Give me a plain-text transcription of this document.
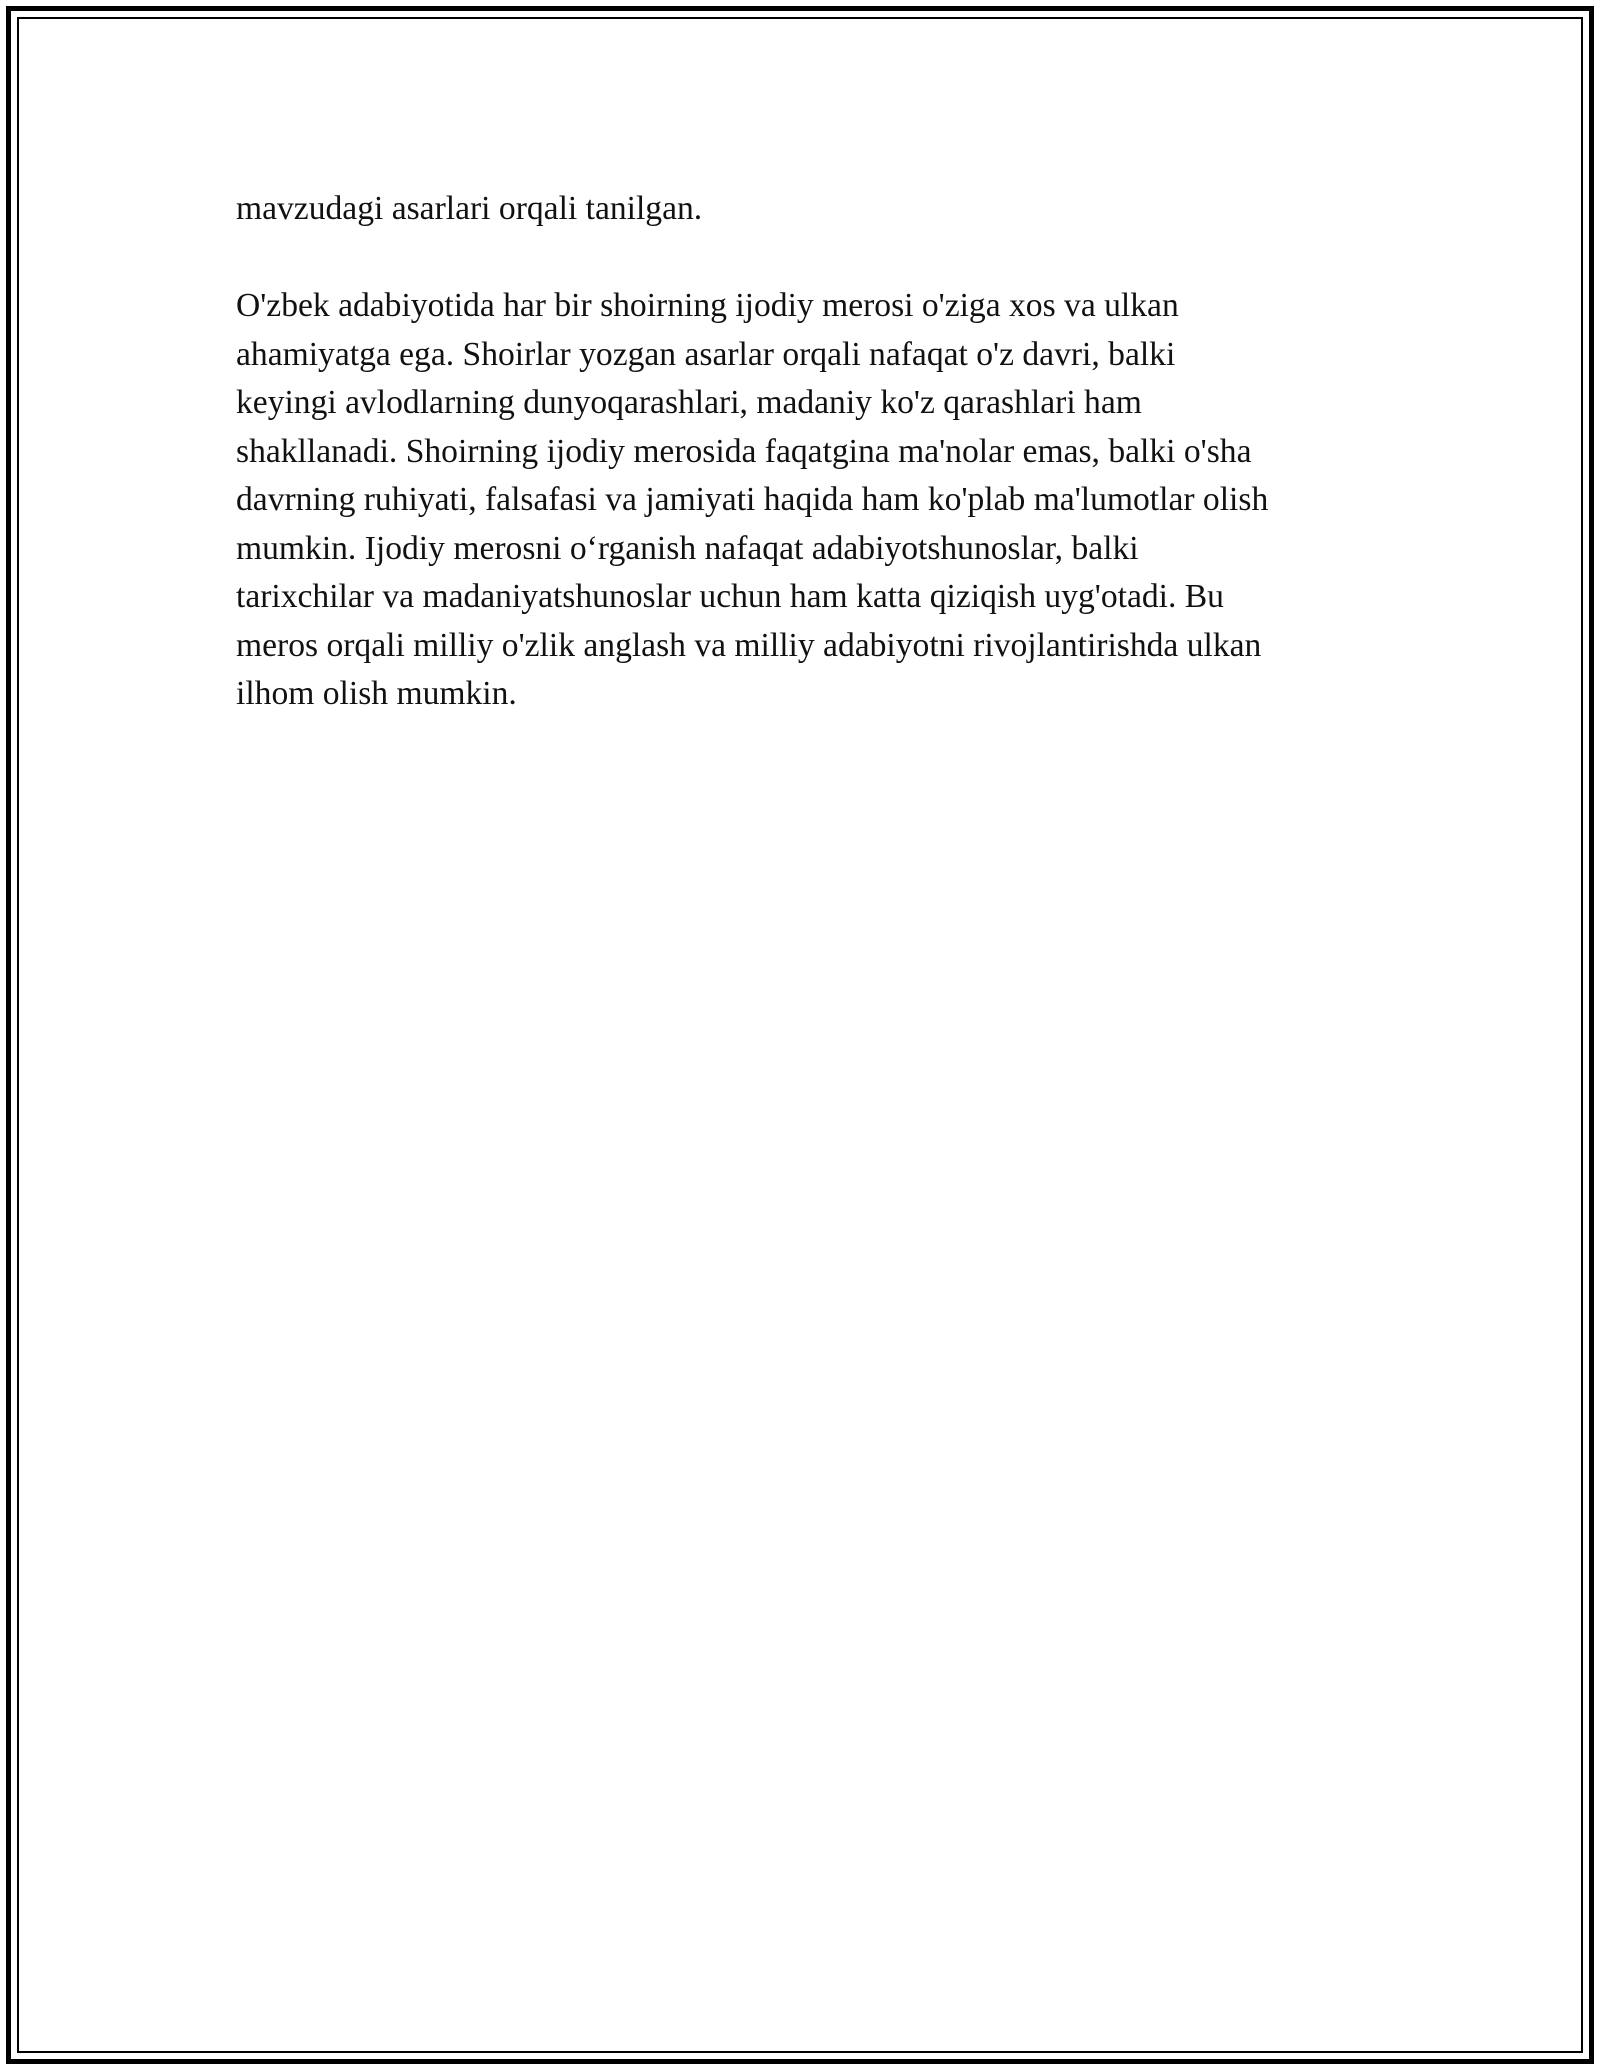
mavzudagi asarlari orqali tanilgan.

O'zbek adabiyotida har bir shoirning ijodiy merosi o'ziga xos va ulkan

ahamiyatga ega. Shoirlar yozgan asarlar orqali nafaqat o'z davri, balki

keyingi avlodlarning dunyoqarashlari, madaniy ko'z qarashlari ham

shakllanadi. Shoirning ijodiy merosida faqatgina ma'nolar emas, balki o'sha

davrning ruhiyati, falsafasi va jamiyati haqida ham ko'plab ma'lumotlar olish

mumkin. Ijodiy merosni o‘rganish nafaqat adabiyotshunoslar, balki

tarixchilar va madaniyatshunoslar uchun ham katta qiziqish uyg'otadi. Bu

meros orqali milliy o'zlik anglash va milliy adabiyotni rivojlantirishda ulkan

ilhom olish mumkin.
